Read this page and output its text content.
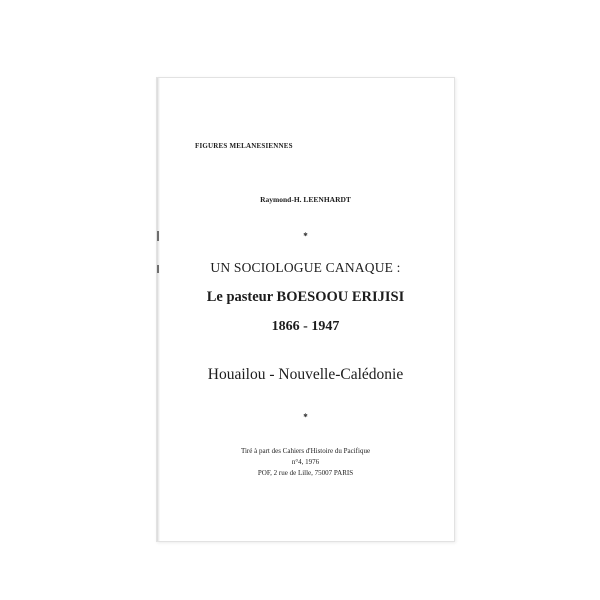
FIGURES MELANESIENNES
Raymond-H. LEENHARDT
*
UN SOCIOLOGUE CANAQUE :
Le pasteur BOESOOU ERIJISI
1866 - 1947
Houailou - Nouvelle-Calédonie
*
Tiré à part des Cahiers d'Histoire du Pacifique
n°4, 1976
POF, 2 rue de Lille, 75007 PARIS
